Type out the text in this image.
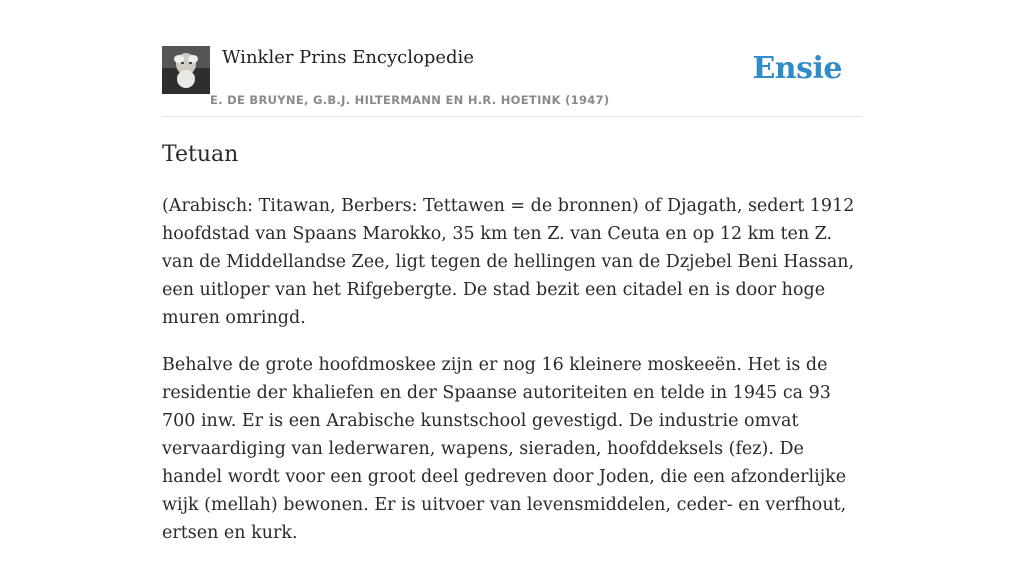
Winkler Prins Encyclopedie
E. DE BRUYNE, G.B.J. HILTERMANN EN H.R. HOETINK (1947)
Ensie
Tetuan

(Arabisch: Titawan, Berbers: Tettawen = de bronnen) of Djagath, sedert 1912 hoofdstad van Spaans Marokko, 35 km ten Z. van Ceuta en op 12 km ten Z. van de Middellandse Zee, ligt tegen de hellingen van de Dzjebel Beni Hassan, een uitloper van het Rifgebergte. De stad bezit een citadel en is door hoge muren omringd.

Behalve de grote hoofdmoskee zijn er nog 16 kleinere moskeeën. Het is de residentie der khaliefen en der Spaanse autoriteiten en telde in 1945 ca 93 700 inw. Er is een Arabische kunstschool gevestigd. De industrie omvat vervaardiging van lederwaren, wapens, sieraden, hoofddeksels (fez). De handel wordt voor een groot deel gedreven door Joden, die een afzonderlijke wijk (mellah) bewonen. Er is uitvoer van levensmiddelen, ceder- en verfhout, ertsen en kurk.
